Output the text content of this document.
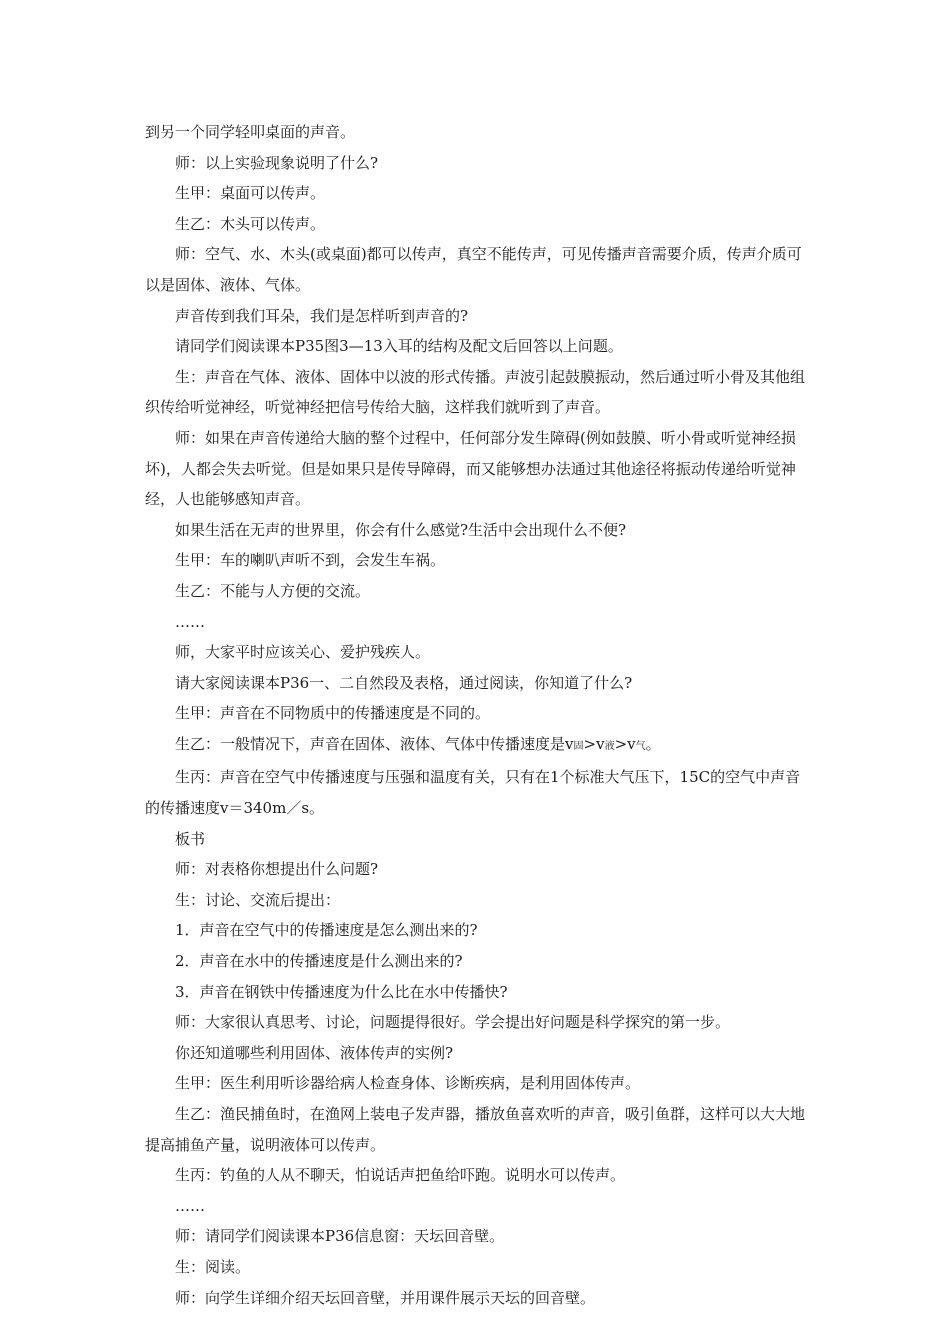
到另一个同学轻叩桌面的声音。

师：以上实验现象说明了什么?

生甲：桌面可以传声。

生乙：木头可以传声。

师：空气、水、木头(或桌面)都可以传声，真空不能传声，可见传播声音需要介质，传声介质可以是固体、液体、气体。

声音传到我们耳朵，我们是怎样听到声音的?

请同学们阅读课本P35图3—13入耳的结构及配文后回答以上问题。

生：声音在气体、液体、固体中以波的形式传播。声波引起鼓膜振动，然后通过听小骨及其他组织传给听觉神经，听觉神经把信号传给大脑，这样我们就听到了声音。

师：如果在声音传递给大脑的整个过程中，任何部分发生障碍(例如鼓膜、听小骨或听觉神经损坏)，人都会失去听觉。但是如果只是传导障碍，而又能够想办法通过其他途径将振动传递给听觉神经，人也能够感知声音。

如果生活在无声的世界里，你会有什么感觉?生活中会出现什么不便?

生甲：车的喇叭声听不到，会发生车祸。

生乙：不能与人方便的交流。

……

师，大家平时应该关心、爱护残疾人。

请大家阅读课本P36一、二自然段及表格，通过阅读，你知道了什么?

生甲：声音在不同物质中的传播速度是不同的。

生乙：一般情况下，声音在固体、液体、气体中传播速度是v固>v液>v气。

生丙：声音在空气中传播速度与压强和温度有关，只有在1个标准大气压下，15C的空气中声音的传播速度v＝340m／s。

板书

师：对表格你想提出什么问题?

生：讨论、交流后提出：

1．声音在空气中的传播速度是怎么测出来的?

2．声音在水中的传播速度是什么测出来的?

3．声音在钢铁中传播速度为什么比在水中传播快?

师：大家很认真思考、讨论，问题提得很好。学会提出好问题是科学探究的第一步。

你还知道哪些利用固体、液体传声的实例?

生甲：医生利用听诊器给病人检查身体、诊断疾病，是利用固体传声。

生乙：渔民捕鱼时，在渔网上装电子发声器，播放鱼喜欢听的声音，吸引鱼群，这样可以大大地提高捕鱼产量，说明液体可以传声。

生丙：钓鱼的人从不聊天，怕说话声把鱼给吓跑。说明水可以传声。

……

师：请同学们阅读课本P36信息窗：天坛回音壁。

生：阅读。

师：向学生详细介绍天坛回音壁，并用课件展示天坛的回音壁。
